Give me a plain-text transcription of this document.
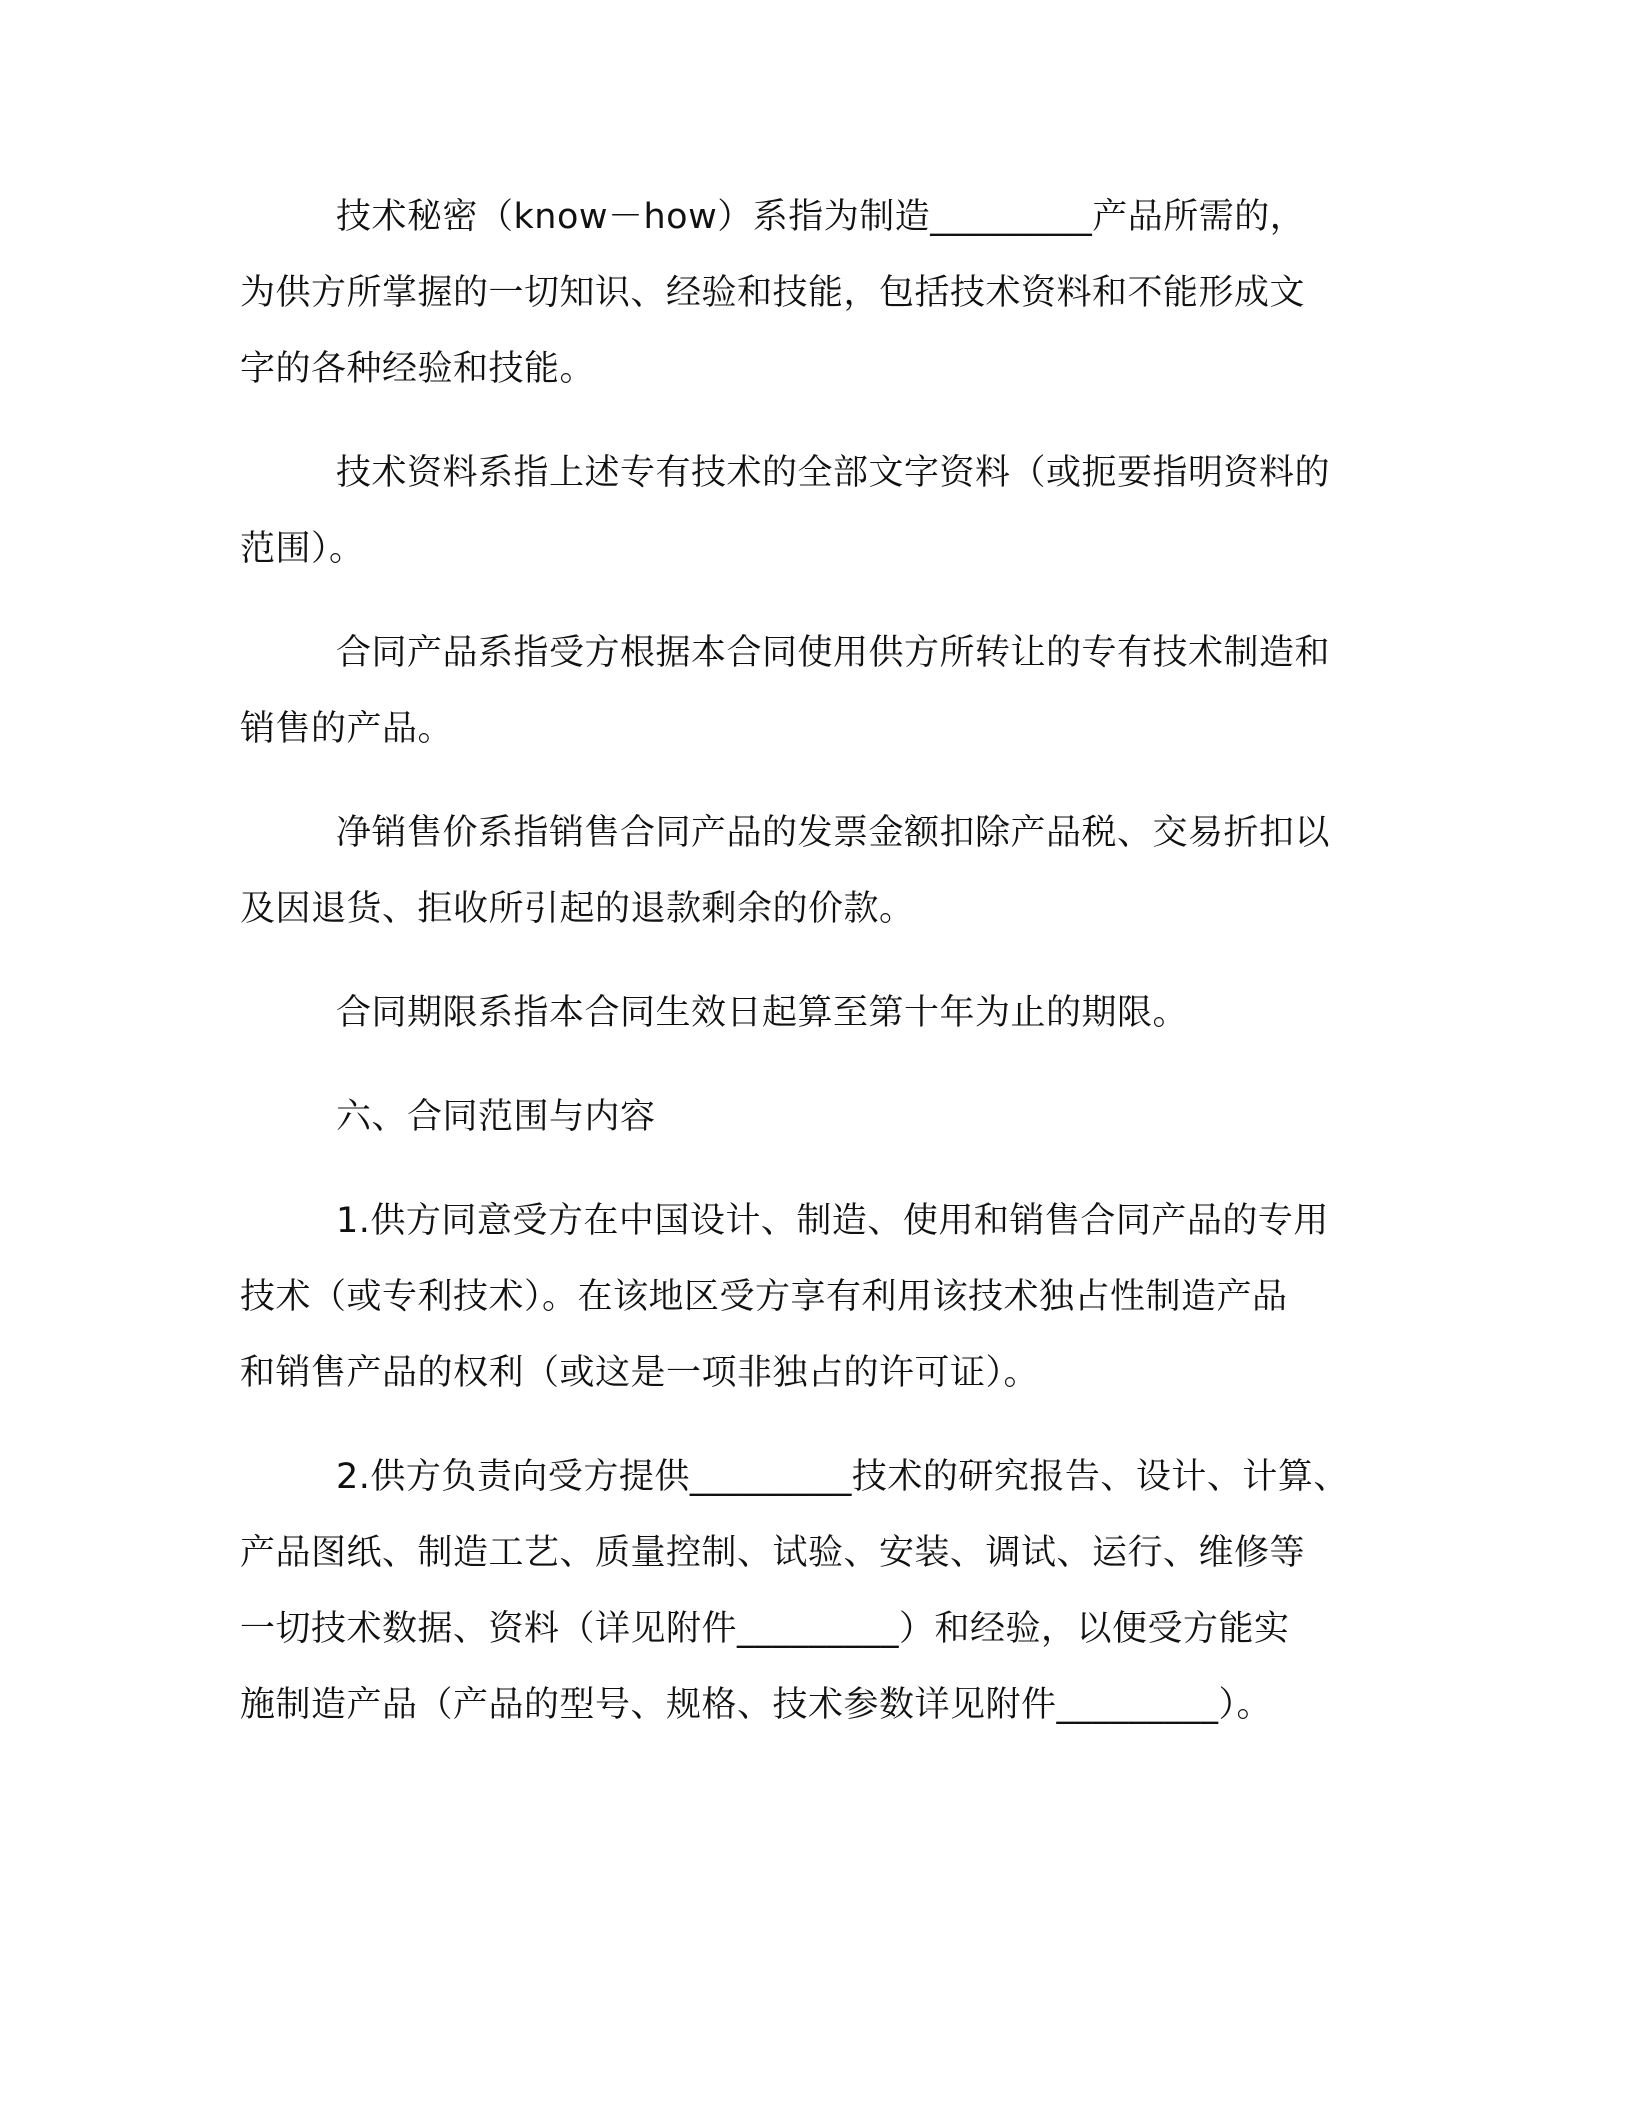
技术秘密（know－how）系指为制造_________产品所需的，

为供方所掌握的一切知识、经验和技能，包括技术资料和不能形成文

字的各种经验和技能。

技术资料系指上述专有技术的全部文字资料（或扼要指明资料的

范围）。

合同产品系指受方根据本合同使用供方所转让的专有技术制造和

销售的产品。

净销售价系指销售合同产品的发票金额扣除产品税、交易折扣以

及因退货、拒收所引起的退款剩余的价款。

合同期限系指本合同生效日起算至第十年为止的期限。

六、合同范围与内容

1.供方同意受方在中国设计、制造、使用和销售合同产品的专用

技术（或专利技术）。在该地区受方享有利用该技术独占性制造产品

和销售产品的权利（或这是一项非独占的许可证）。

2.供方负责向受方提供_________技术的研究报告、设计、计算、

产品图纸、制造工艺、质量控制、试验、安装、调试、运行、维修等

一切技术数据、资料（详见附件_________）和经验，以便受方能实

施制造产品（产品的型号、规格、技术参数详见附件_________）。
